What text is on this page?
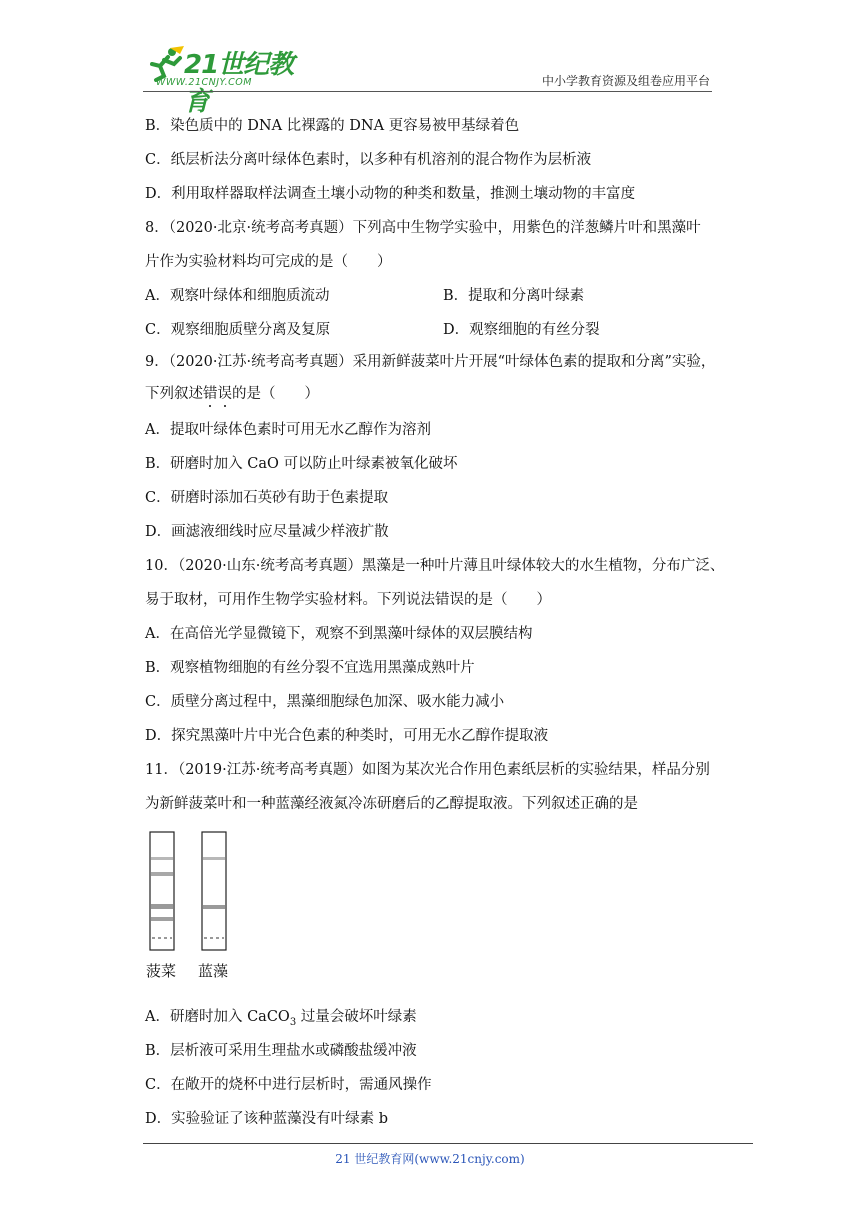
21世纪教育
WWW.21CNJY.COM	中小学教育资源及组卷应用平台
B．染色质中的 DNA 比裸露的 DNA 更容易被甲基绿着色
C．纸层析法分离叶绿体色素时，以多种有机溶剂的混合物作为层析液
D．利用取样器取样法调查土壤小动物的种类和数量，推测土壤动物的丰富度
8．（2020·北京·统考高考真题）下列高中生物学实验中，用紫色的洋葱鳞片叶和黑藻叶
片作为实验材料均可完成的是（　　）
A．观察叶绿体和细胞质流动	B．提取和分离叶绿素
C．观察细胞质壁分离及复原	D．观察细胞的有丝分裂
9．（2020·江苏·统考高考真题）采用新鲜菠菜叶片开展“叶绿体色素的提取和分离”实验，
下列叙述错误的是（　　）
A．提取叶绿体色素时可用无水乙醇作为溶剂
B．研磨时加入 CaO 可以防止叶绿素被氧化破坏
C．研磨时添加石英砂有助于色素提取
D．画滤液细线时应尽量减少样液扩散
10．（2020·山东·统考高考真题）黑藻是一种叶片薄且叶绿体较大的水生植物，分布广泛、
易于取材，可用作生物学实验材料。下列说法错误的是（　　）
A．在高倍光学显微镜下，观察不到黑藻叶绿体的双层膜结构
B．观察植物细胞的有丝分裂不宜选用黑藻成熟叶片
C．质壁分离过程中，黑藻细胞绿色加深、吸水能力减小
D．探究黑藻叶片中光合色素的种类时，可用无水乙醇作提取液
11．（2019·江苏·统考高考真题）如图为某次光合作用色素纸层析的实验结果，样品分别
为新鲜菠菜叶和一种蓝藻经液氮冷冻研磨后的乙醇提取液。下列叙述正确的是
菠菜 蓝藻
A．研磨时加入 CaCO$_3$ 过量会破坏叶绿素
B．层析液可采用生理盐水或磷酸盐缓冲液
C．在敞开的烧杯中进行层析时，需通风操作
D．实验验证了该种蓝藻没有叶绿素 b
21 世纪教育网(www.21cnjy.com)
